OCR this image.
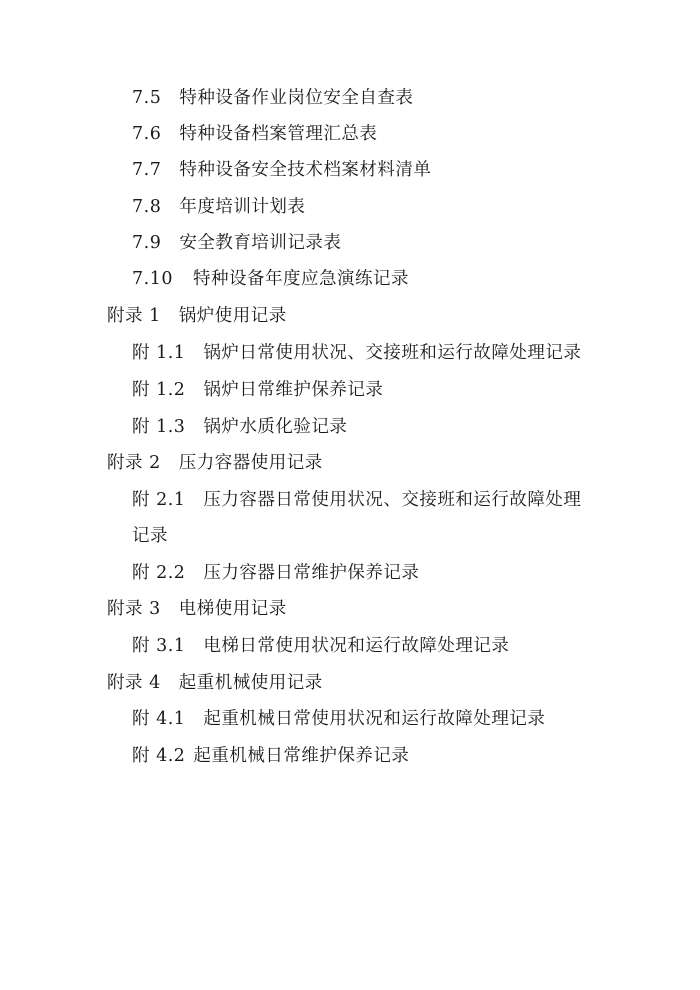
7.5 特种设备作业岗位安全自查表
7.6 特种设备档案管理汇总表
7.7 特种设备安全技术档案材料清单
7.8 年度培训计划表
7.9 安全教育培训记录表
7.10 特种设备年度应急演练记录
附录 1 锅炉使用记录
附 1.1 锅炉日常使用状况、交接班和运行故障处理记录
附 1.2 锅炉日常维护保养记录
附 1.3 锅炉水质化验记录
附录 2 压力容器使用记录
附 2.1 压力容器日常使用状况、交接班和运行故障处理
记录
附 2.2 压力容器日常维护保养记录
附录 3 电梯使用记录
附 3.1 电梯日常使用状况和运行故障处理记录
附录 4 起重机械使用记录
附 4.1 起重机械日常使用状况和运行故障处理记录
附 4.2 起重机械日常维护保养记录
